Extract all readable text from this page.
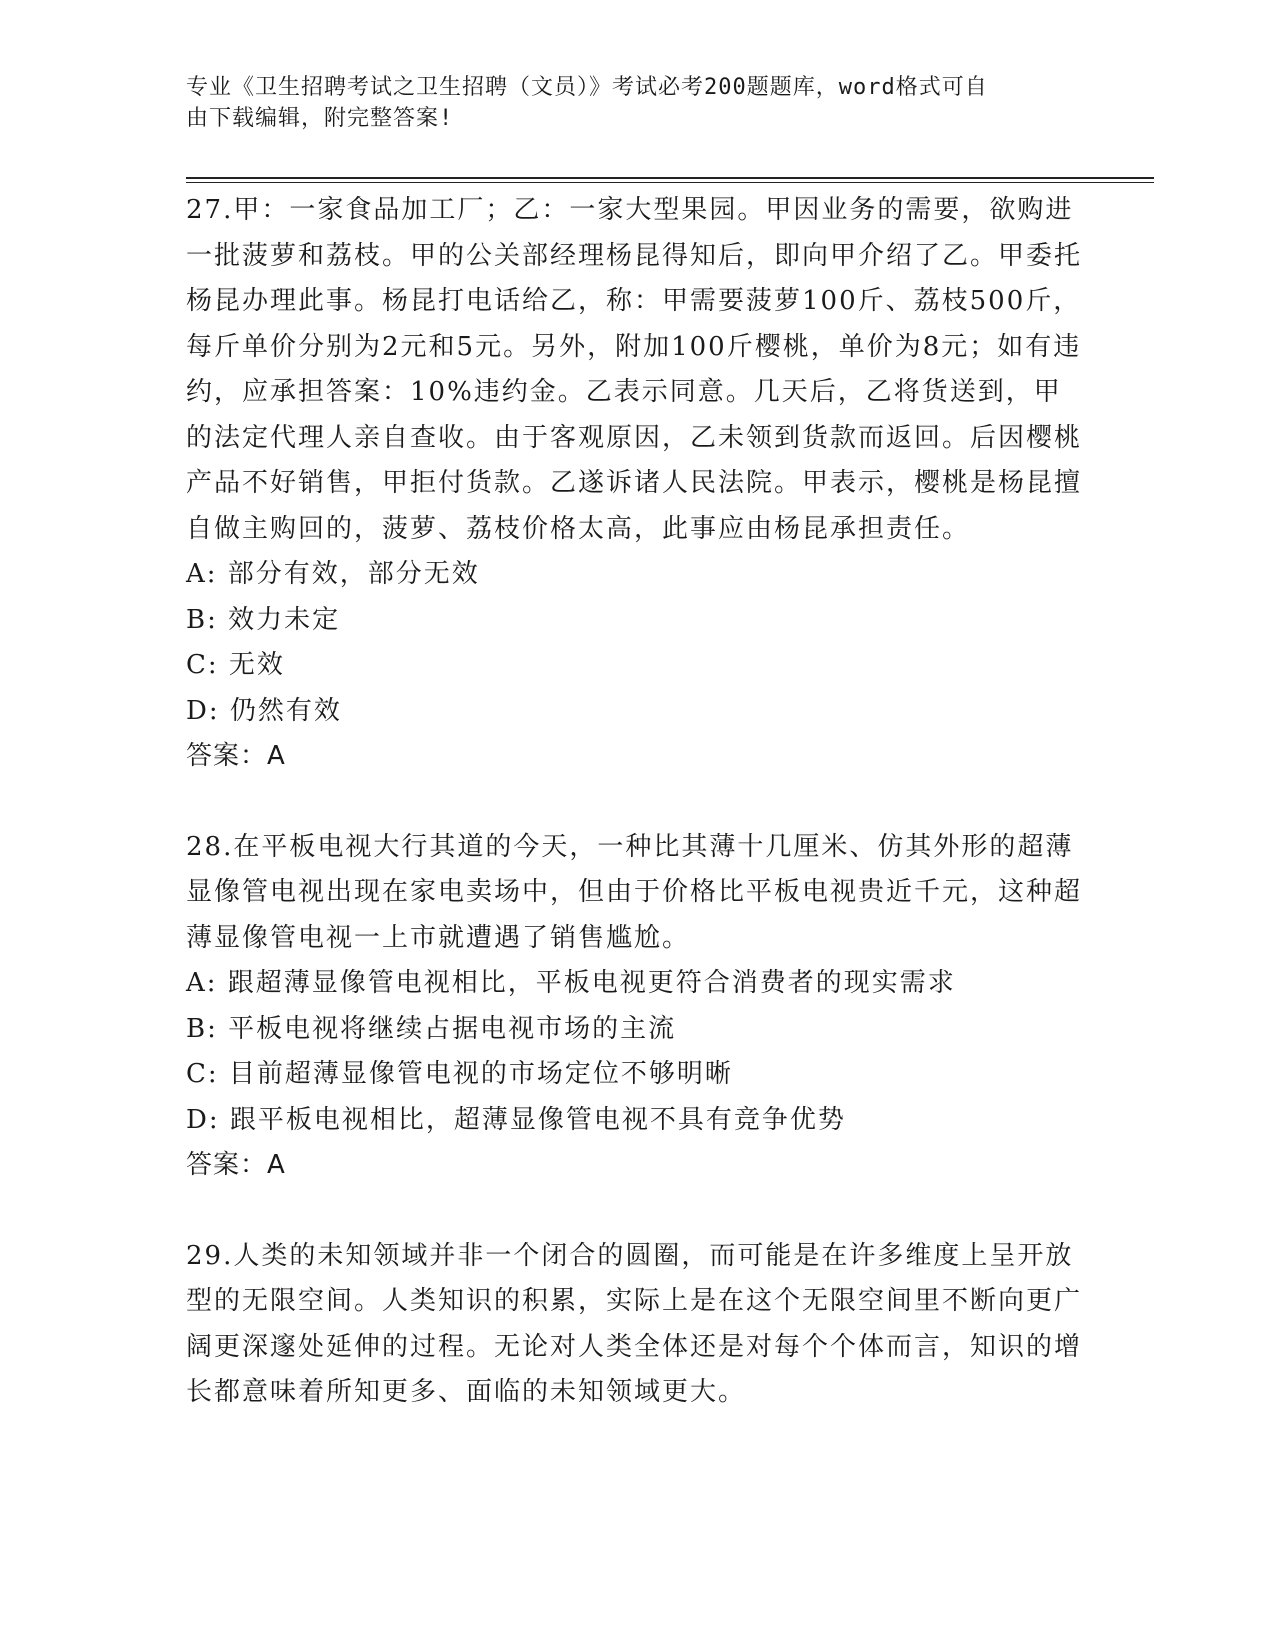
专业《卫生招聘考试之卫生招聘（文员）》考试必考200题题库，word格式可自
由下载编辑，附完整答案!

27.甲：一家食品加工厂；乙：一家大型果园。甲因业务的需要，欲购进一批菠萝和荔枝。甲的公关部经理杨昆得知后，即向甲介绍了乙。甲委托杨昆办理此事。杨昆打电话给乙，称：甲需要菠萝100斤、荔枝500斤，每斤单价分别为2元和5元。另外，附加100斤樱桃，单价为8元；如有违约，应承担答案：10%违约金。乙表示同意。几天后，乙将货送到，甲的法定代理人亲自查收。由于客观原因，乙未领到货款而返回。后因樱桃产品不好销售，甲拒付货款。乙遂诉诸人民法院。甲表示，樱桃是杨昆擅自做主购回的，菠萝、荔枝价格太高，此事应由杨昆承担责任。

A: 部分有效，部分无效

B: 效力未定

C: 无效

D: 仍然有效

答案：A

28.在平板电视大行其道的今天，一种比其薄十几厘米、仿其外形的超薄显像管电视出现在家电卖场中，但由于价格比平板电视贵近千元，这种超薄显像管电视一上市就遭遇了销售尴尬。

A: 跟超薄显像管电视相比，平板电视更符合消费者的现实需求

B: 平板电视将继续占据电视市场的主流

C: 目前超薄显像管电视的市场定位不够明晰

D: 跟平板电视相比，超薄显像管电视不具有竞争优势

答案：A

29.人类的未知领域并非一个闭合的圆圈，而可能是在许多维度上呈开放型的无限空间。人类知识的积累，实际上是在这个无限空间里不断向更广阔更深邃处延伸的过程。无论对人类全体还是对每个个体而言，知识的增长都意味着所知更多、面临的未知领域更大。
